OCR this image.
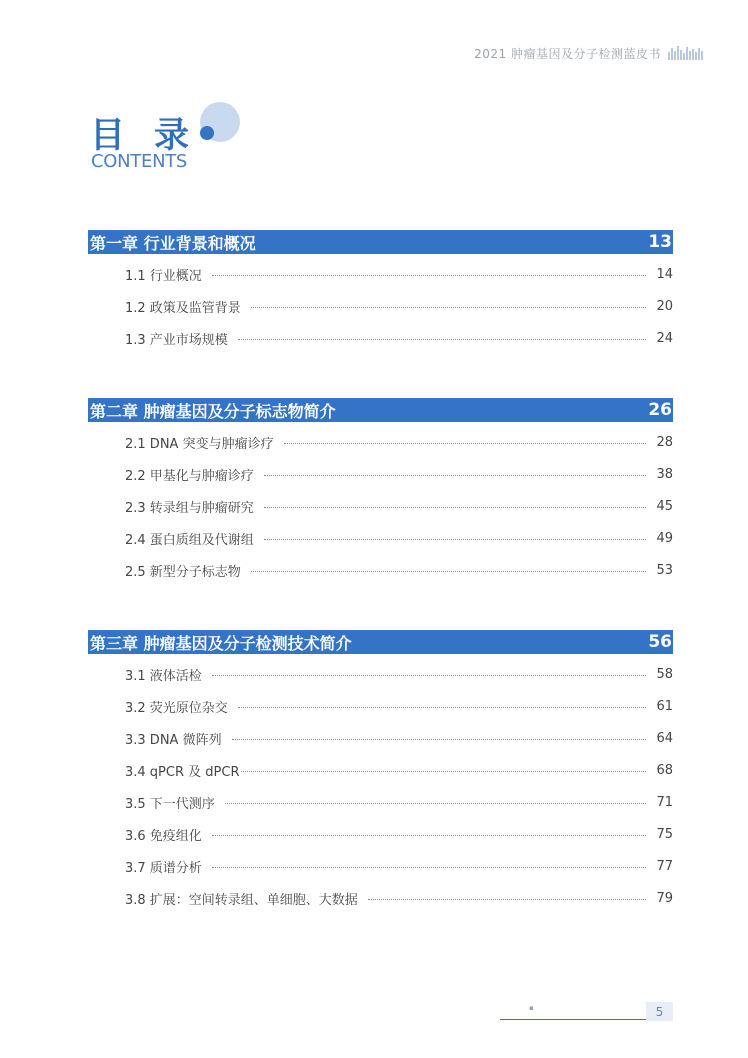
2021 肿瘤基因及分子检测蓝皮书
目录
CONTENTS
第一章 行业背景和概况	13
1.1 行业概况	14
1.2 政策及监管背景	20
1.3 产业市场规模	24
第二章 肿瘤基因及分子标志物简介	26
2.1 DNA 突变与肿瘤诊疗	28
2.2 甲基化与肿瘤诊疗	38
2.3 转录组与肿瘤研究	45
2.4 蛋白质组及代谢组	49
2.5 新型分子标志物	53
第三章 肿瘤基因及分子检测技术简介	56
3.1 液体活检	58
3.2 荧光原位杂交	61
3.3 DNA 微阵列	64
3.4 qPCR 及 dPCR	68
3.5 下一代测序	71
3.6 免疫组化	75
3.7 质谱分析	77
3.8 扩展：空间转录组、单细胞、大数据	79
▪	5
